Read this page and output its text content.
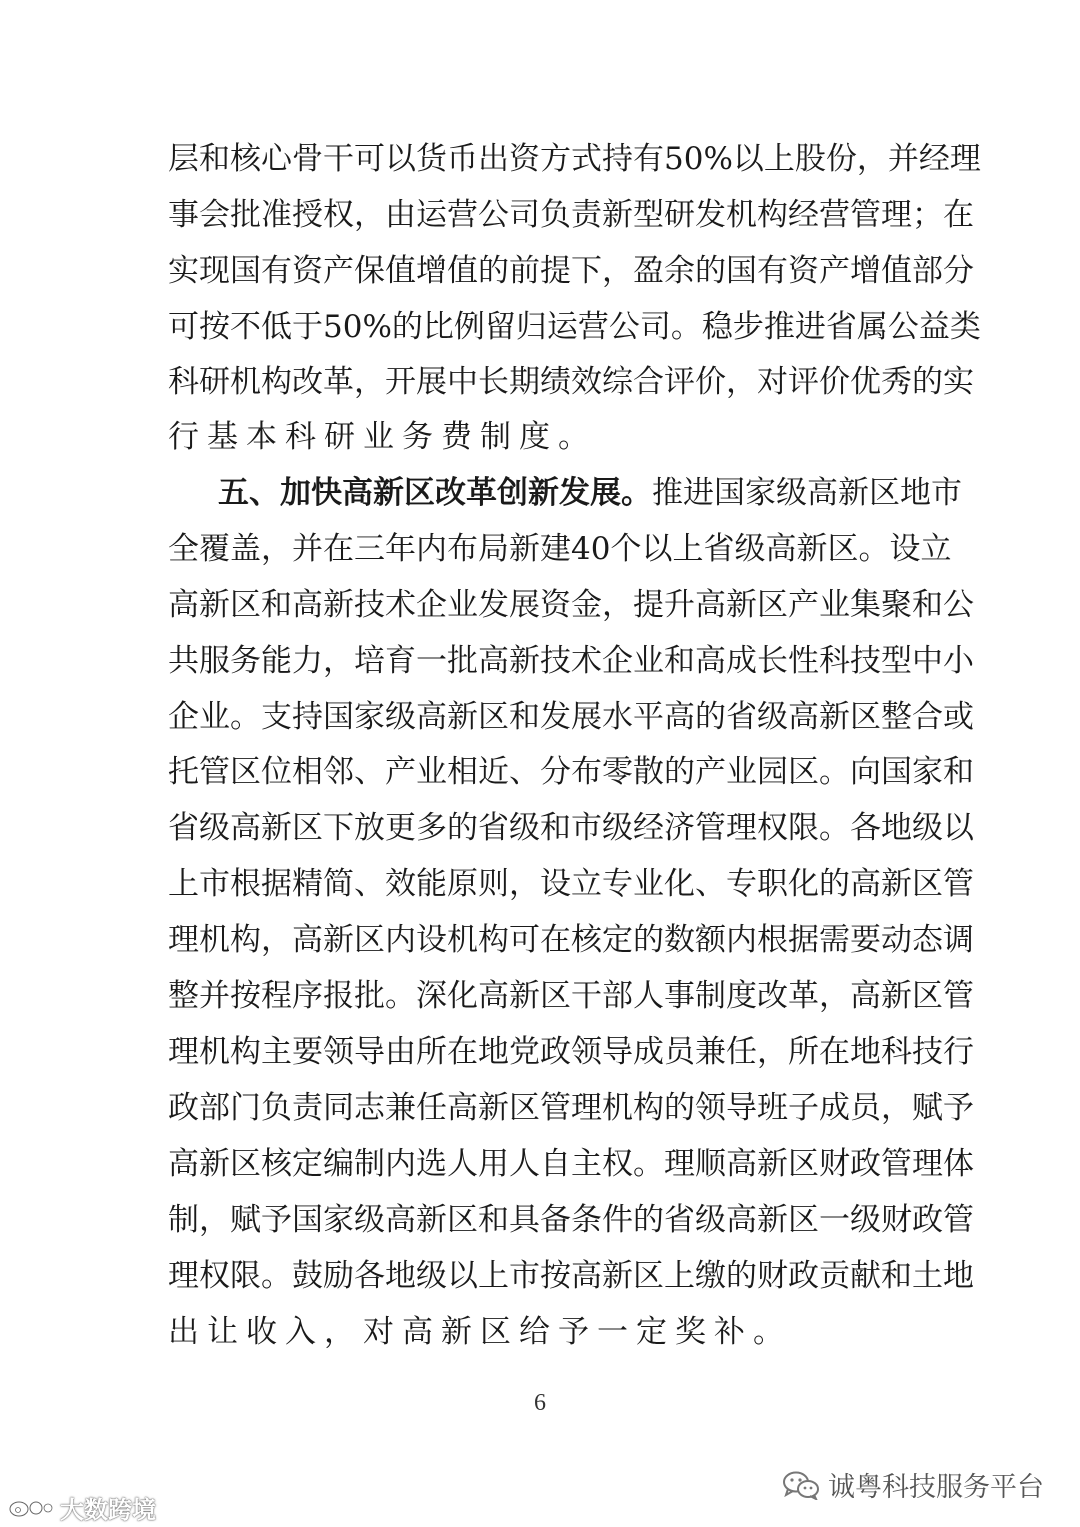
层和核心骨干可以货币出资方式持有50%以上股份，并经理
事会批准授权，由运营公司负责新型研发机构经营管理；在
实现国有资产保值增值的前提下，盈余的国有资产增值部分
可按不低于50%的比例留归运营公司。稳步推进省属公益类
科研机构改革，开展中长期绩效综合评价，对评价优秀的实
行基本科研业务费制度。
五、加快高新区改革创新发展。推进国家级高新区地市
全覆盖，并在三年内布局新建40个以上省级高新区。设立
高新区和高新技术企业发展资金，提升高新区产业集聚和公
共服务能力，培育一批高新技术企业和高成长性科技型中小
企业。支持国家级高新区和发展水平高的省级高新区整合或
托管区位相邻、产业相近、分布零散的产业园区。向国家和
省级高新区下放更多的省级和市级经济管理权限。各地级以
上市根据精简、效能原则，设立专业化、专职化的高新区管
理机构，高新区内设机构可在核定的数额内根据需要动态调
整并按程序报批。深化高新区干部人事制度改革，高新区管
理机构主要领导由所在地党政领导成员兼任，所在地科技行
政部门负责同志兼任高新区管理机构的领导班子成员，赋予
高新区核定编制内选人用人自主权。理顺高新区财政管理体
制，赋予国家级高新区和具备条件的省级高新区一级财政管
理权限。鼓励各地级以上市按高新区上缴的财政贡献和土地
出让收入，对高新区给予一定奖补。
6
大数跨境
诚粤科技服务平台
